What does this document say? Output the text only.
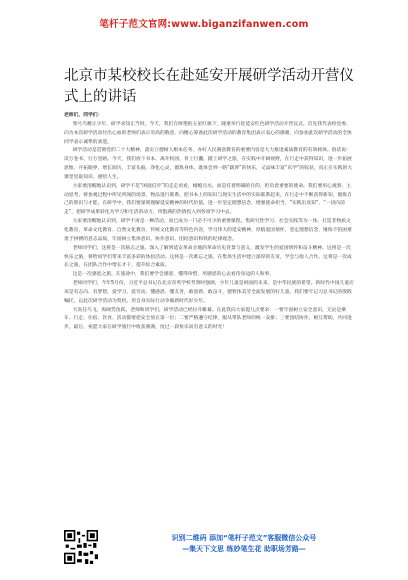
笔杆子范文官网:www.biganzifanwen.com
北京市某校校长在赴延安开展研学活动开营仪式上的讲话

老师们，同学们：

寒号鸟精正少年，研学求知正当时。今天，我们在鲜艳的五星红旗下，隆重举行赴延安红色研学活动开营仪式。首先我代表校党委、向为本次研学活动付出心血的老师们表示崇高的敬意，向精心筹备此次研学活动的教育集团表示衷心的感谢，向参加此次研学活动的全体同学表示诚挚的欢迎。

研学活动是贯彻党的二十大精神，落实立德树人根本任务，办好人民满意教育的重要内容是大力推进素质教育的有效载体。俗话说：读万卷书，行万里路。今天，我们放下书本、离开校园，背上行囊，踏上研学之旅，在实践中开阔视野，在行走中获得知识，进一步拓展思维、开拓眼界、增长阅历，丰富头脑，净化心灵，锻炼身体，既体会到一路“跋涉”的快乐，又品味丰富“乐学”的收获，真正在实践的大课堂里取知识、感悟人生。

大家要清醒地认识到，研学不是“闲庭信步”的走走看看，蜻蜓点水，而是有着明确的目的，担负着重要的使命。我们要用心观察、主动思考，将参观过程中所见所闻的场景、物品进行联系，把书本上的知识与现实生活中的实际联系起来，在行走中不断获得新知，锻炼自己的胆识与才能。在研学中，我们要深刻理解延安精神的时代价值，进一步坚定理想信念，增强使命担当，“实践出真知”，“一切向前走”，把研学成果转化为学习和生活的动力，用饱满的热情投入到各项学习中去。

大家要清醒地认识到，研学不再是一种活动，而已成为一门必不可少的重要课程。集研究性学习、社会实践等为一体，打造非物质文化教育、革命文化教育、自然文化教育、传统文化教育等特色内容，学习伟大的延安精神，厚植爱国情怀，坚定理想信念，锤炼不怕困难勇于拼搏的意志品质，牢固树立集体意识、协作意识、团结意识和铁的纪律观念。

老师同学们，这将是一次励志之旅。深入了解到延安革命圣地的革命历史背景与意义，激发学生的爱国情怀和奋斗精神。这将是一次快乐之旅，将给同学们带来丰富多彩的体验活动。这将是一次难忘之旅，在集体生活中建立深厚的友谊，学会与他人合作。这将是一次成长之旅，在团队合作中增长才干，提升综合素质。

这是一次感恩之旅。在旅途中，我们要学会感恩，懂得珍惜，用感恩的心去看待身边的人和事。

老师同学们，今年5月份，习近平总书记在北京育英学校考察时强调，少年儿童是祖国的未来，是中华民族的希望。新时代中国儿童应该是有志向、有梦想，爱学习、爱劳动，懂感恩、懂友善，敢创新、敢奋斗，德智体美劳全面发展的好儿童。我们要牢记习总书记的殷殷嘱托，以此次研学活动为契机，用自身实际行动争做新时代好少年。

天高任鸟飞，海阔凭鱼跃。老师和同学们，研学活动已经拉开帷幕。在此我向大家提几点要求：一要牢固树立安全意识，无论是乘车、行走、住宿、饮食、活动都要把安全放在第一位；二要严格遵守纪律，服从带队老师的统一安排；三要团结协作，相互帮助，共同进步。最后，祝愿大家在研学旅行中收获满满，度过一段快乐而有意义的时光！

识别二维码 添加“笔杆子范文”客服微信公众号
—集天下文思 练妙笔生花 助职场芳路—
